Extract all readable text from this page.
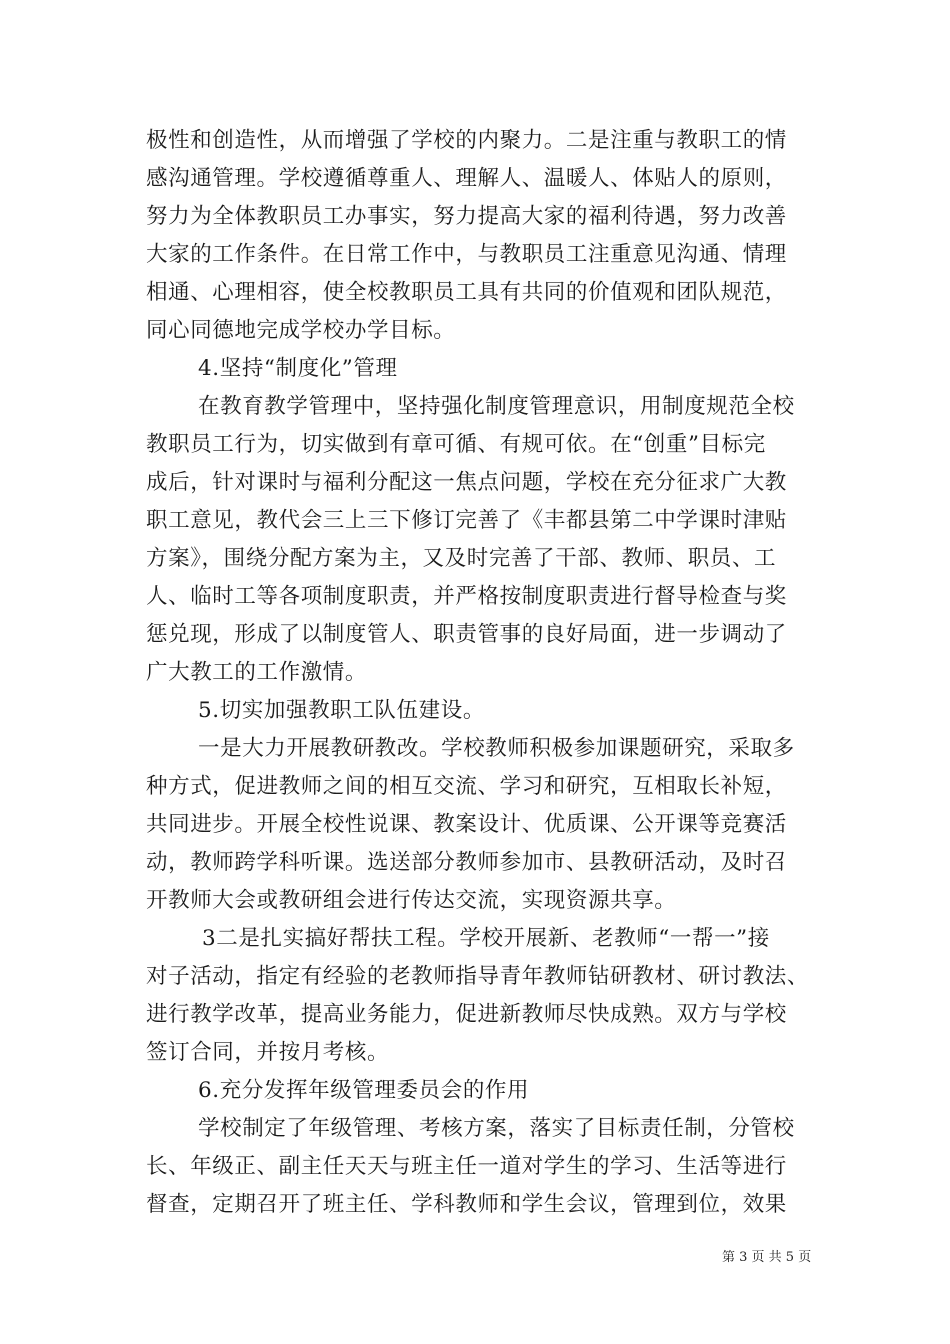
极性和创造性，从而增强了学校的内聚力。二是注重与教职工的情
感沟通管理。学校遵循尊重人、理解人、温暖人、体贴人的原则，
努力为全体教职员工办事实，努力提高大家的福利待遇，努力改善
大家的工作条件。在日常工作中，与教职员工注重意见沟通、情理
相通、心理相容，使全校教职员工具有共同的价值观和团队规范，
同心同德地完成学校办学目标。
4.坚持“制度化”管理
在教育教学管理中，坚持强化制度管理意识，用制度规范全校
教职员工行为，切实做到有章可循、有规可依。在“创重”目标完
成后，针对课时与福利分配这一焦点问题，学校在充分征求广大教
职工意见，教代会三上三下修订完善了《丰都县第二中学课时津贴
方案》，围绕分配方案为主，又及时完善了干部、教师、职员、工
人、临时工等各项制度职责，并严格按制度职责进行督导检查与奖
惩兑现，形成了以制度管人、职责管事的良好局面，进一步调动了
广大教工的工作激情。
5.切实加强教职工队伍建设。
一是大力开展教研教改。学校教师积极参加课题研究，采取多
种方式，促进教师之间的相互交流、学习和研究，互相取长补短，
共同进步。开展全校性说课、教案设计、优质课、公开课等竞赛活
动，教师跨学科听课。选送部分教师参加市、县教研活动，及时召
开教师大会或教研组会进行传达交流，实现资源共享。
3二是扎实搞好帮扶工程。学校开展新、老教师“一帮一”接
对子活动，指定有经验的老教师指导青年教师钻研教材、研讨教法、
进行教学改革，提高业务能力，促进新教师尽快成熟。双方与学校
签订合同，并按月考核。
6.充分发挥年级管理委员会的作用
学校制定了年级管理、考核方案，落实了目标责任制，分管校
长、年级正、副主任天天与班主任一道对学生的学习、生活等进行
督查，定期召开了班主任、学科教师和学生会议，管理到位，效果
第 3 页 共 5 页
